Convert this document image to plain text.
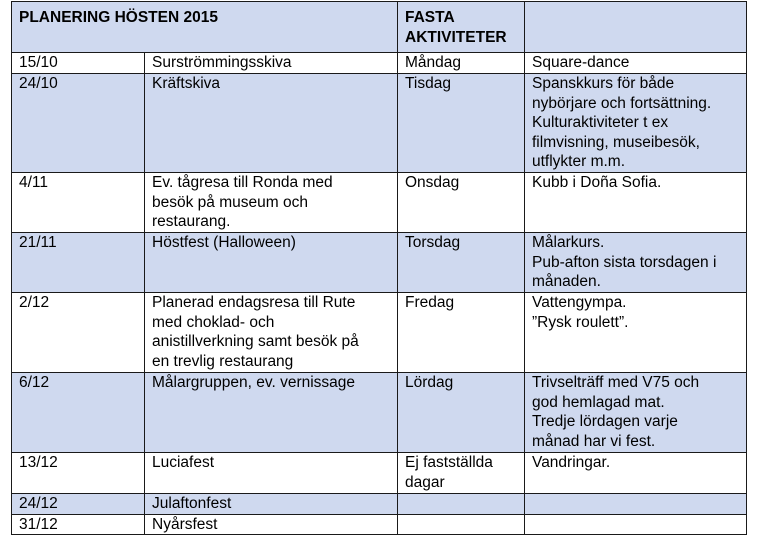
PLANERING HÖSTEN 2015		FASTA
AKTIVITETER	

15/10	Surströmmingsskiva	Måndag	Square-dance

24/10	Kräftskiva	Tisdag	Spanskkurs för både
nybörjare och fortsättning.
Kulturaktiviteter t ex
filmvisning, museibesök,
utflykter m.m.

4/11	Ev. tågresa till Ronda med
besök på museum och
restaurang.	Onsdag	Kubb i Doña Sofia.

21/11	Höstfest (Halloween)	Torsdag	Målarkurs.
Pub-afton sista torsdagen i
månaden.

2/12	Planerad endagsresa till Rute
med choklad- och
anistillverkning samt besök på
en trevlig restaurang	Fredag	Vattengympa.
”Rysk roulett”.

6/12	Målargruppen, ev. vernissage	Lördag	Trivselträff med V75 och
god hemlagad mat.
Tredje lördagen varje
månad har vi fest.

13/12	Luciafest	Ej fastställda
dagar	Vandringar.

24/12	Julaftonfest		

31/12	Nyårsfest		
